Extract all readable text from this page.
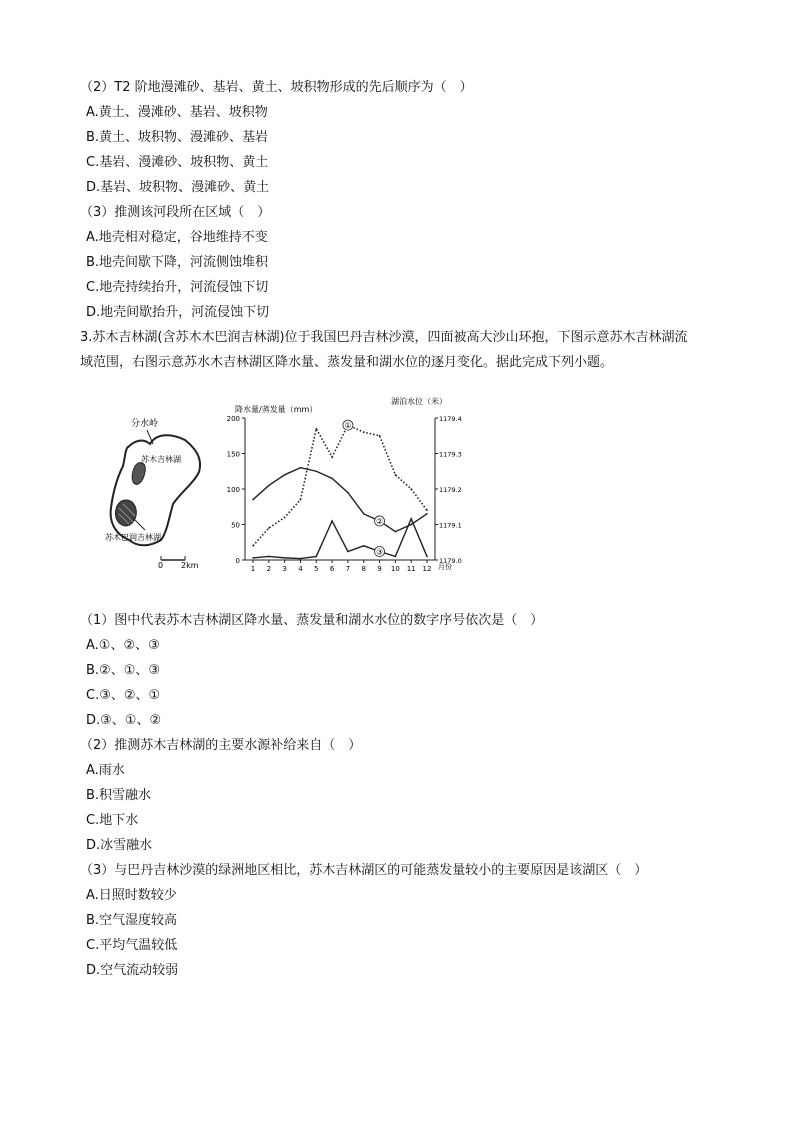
（2）T2 阶地漫滩砂、基岩、黄土、坡积物形成的先后顺序为（　）
A.黄土、漫滩砂、基岩、坡积物
B.黄土、坡积物、漫滩砂、基岩
C.基岩、漫滩砂、坡积物、黄土
D.基岩、坡积物、漫滩砂、黄土
（3）推测该河段所在区域（　）
A.地壳相对稳定，谷地维持不变
B.地壳间歇下降，河流侧蚀堆积
C.地壳持续抬升，河流侵蚀下切
D.地壳间歇抬升，河流侵蚀下切
3.苏木吉林湖(含苏木木巴润吉林湖)位于我国巴丹吉林沙漠，四面被高大沙山环抱，下图示意苏木吉林湖流
域范围，右图示意苏水木吉林湖区降水量、蒸发量和湖水位的逐月变化。据此完成下列小题。
分水岭
苏木吉林湖
苏木巴润吉林湖
0 2km
降水量/蒸发量（mm）
湖泊水位（米）
0
50
100
150
200
1179.0
1179.1
1179.2
1179.3
1179.4
1 2 3 4 5 6 7 8 9 10 11 12 月份
①
②
③
（1）图中代表苏木吉林湖区降水量、蒸发量和湖水水位的数字序号依次是（　）
A.①、②、③
B.②、①、③
C.③、②、①
D.③、①、②
（2）推测苏木吉林湖的主要水源补给来自（　）
A.雨水
B.积雪融水
C.地下水
D.冰雪融水
（3）与巴丹吉林沙漠的绿洲地区相比，苏木吉林湖区的可能蒸发量较小的主要原因是该湖区（　）
A.日照时数较少
B.空气湿度较高
C.平均气温较低
D.空气流动较弱
